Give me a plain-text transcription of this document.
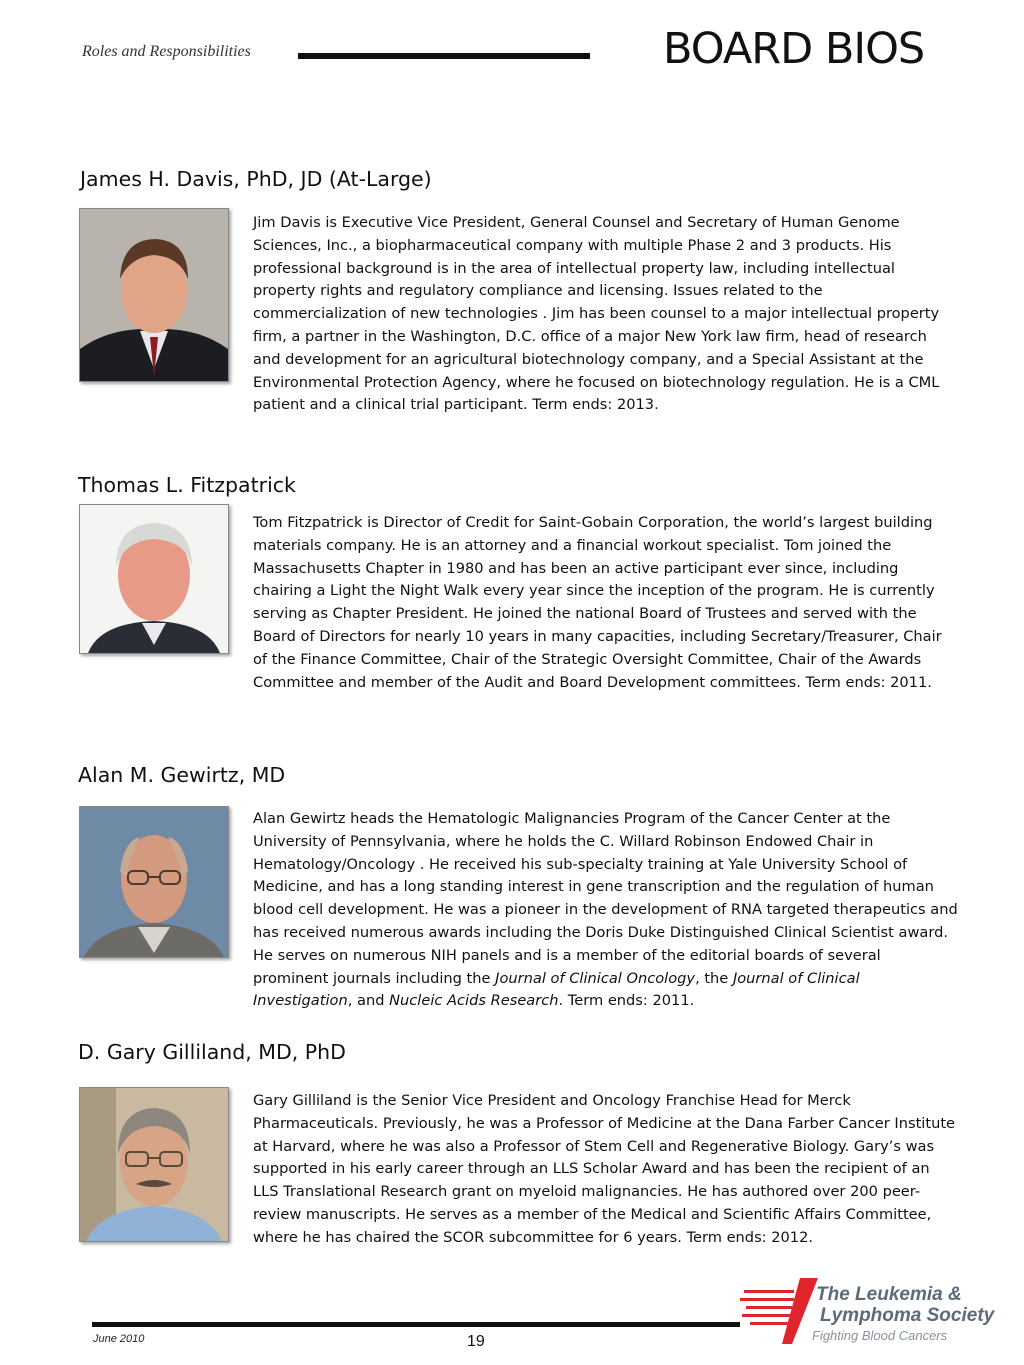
Roles and Responsibilities	BOARD BIOS
James H. Davis, PhD, JD (At-Large)

Jim Davis is Executive Vice President, General Counsel and Secretary of Human Genome Sciences, Inc., a biopharmaceutical company with multiple Phase 2 and 3 products. His professional background is in the area of intellectual property law, including intellectual property rights and regulatory compliance and licensing. Issues related to the commercialization of new technologies . Jim has been counsel to a major intellectual property firm, a partner in the Washington, D.C. office of a major New York law firm, head of research and development for an agricultural biotechnology company, and a Special Assistant at the Environmental Protection Agency, where he focused on biotechnology regulation. He is a CML patient and a clinical trial participant. Term ends: 2013.

Thomas L. Fitzpatrick

Tom Fitzpatrick is Director of Credit for Saint-Gobain Corporation, the world’s largest building materials company. He is an attorney and a financial workout specialist. Tom joined the Massachusetts Chapter in 1980 and has been an active participant ever since, including chairing a Light the Night Walk every year since the inception of the program. He is currently serving as Chapter President. He joined the national Board of Trustees and served with the Board of Directors for nearly 10 years in many capacities, including Secretary/Treasurer, Chair of the Finance Committee, Chair of the Strategic Oversight Committee, Chair of the Awards Committee and member of the Audit and Board Development committees. Term ends: 2011.

Alan M. Gewirtz, MD

Alan Gewirtz heads the Hematologic Malignancies Program of the Cancer Center at the University of Pennsylvania, where he holds the C. Willard Robinson Endowed Chair in Hematology/Oncology . He received his sub-specialty training at Yale University School of Medicine, and has a long standing interest in gene transcription and the regulation of human blood cell development. He was a pioneer in the development of RNA targeted therapeutics and has received numerous awards including the Doris Duke Distinguished Clinical Scientist award. He serves on numerous NIH panels and is a member of the editorial boards of several prominent journals including the Journal of Clinical Oncology, the Journal of Clinical Investigation, and Nucleic Acids Research. Term ends: 2011.

D. Gary Gilliland, MD, PhD

Gary Gilliland is the Senior Vice President and Oncology Franchise Head for Merck Pharmaceuticals. Previously, he was a Professor of Medicine at the Dana Farber Cancer Institute at Harvard, where he was also a Professor of Stem Cell and Regenerative Biology. Gary’s was supported in his early career through an LLS Scholar Award and has been the recipient of an LLS Translational Research grant on myeloid malignancies. He has authored over 200 peer-review manuscripts. He serves as a member of the Medical and Scientific Affairs Committee, where he has chaired the SCOR subcommittee for 6 years. Term ends: 2012.

June 2010	19
The Leukemia &
Lymphoma Society
Fighting Blood Cancers
